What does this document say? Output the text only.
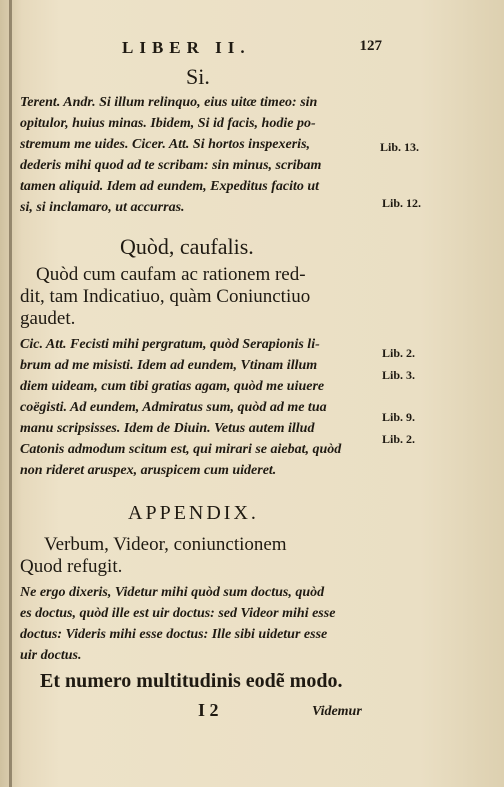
LIBER II.	127
Si.
Terent. Andr. Si illum relinquo, eius uitæ timeo: sin
opitulor, huius minas. Ibidem, Si id facis, hodie po-
stremum me uides. Cicer. Att. Si hortos inspexeris,
dederis mihi quod ad te scribam: sin minus, scribam
tamen aliquid. Idem ad eundem, Expeditus facito ut
si, si inclamaro, ut accurras.
Lib. 13.
Lib. 12.
Quòd, caufalis.
Quòd cum caufam ac rationem red-
dit, tam Indicatiuo, quàm Coniunctiuo
gaudet.
Cic. Att. Fecisti mihi pergratum, quòd Serapionis li-
brum ad me misisti. Idem ad eundem, Vtinam illum
diem uideam, cum tibi gratias agam, quòd me uiuere
coëgisti. Ad eundem, Admiratus sum, quòd ad me tua
manu scripsisses. Idem de Diuin. Vetus autem illud
Catonis admodum scitum est, qui mirari se aiebat, quòd
non rideret aruspex, aruspicem cum uideret.
Lib. 2.
Lib. 3.
Lib. 9.
Lib. 2.
APPENDIX.
Verbum, Videor, coniunctionem
Quod refugit.
Ne ergo dixeris, Videtur mihi quòd sum doctus, quòd
es doctus, quòd ille est uir doctus: sed Videor mihi esse
doctus: Videris mihi esse doctus: Ille sibi uidetur esse
uir doctus.
Et numero multitudinis eodẽ modo.
I 2	Videmur
